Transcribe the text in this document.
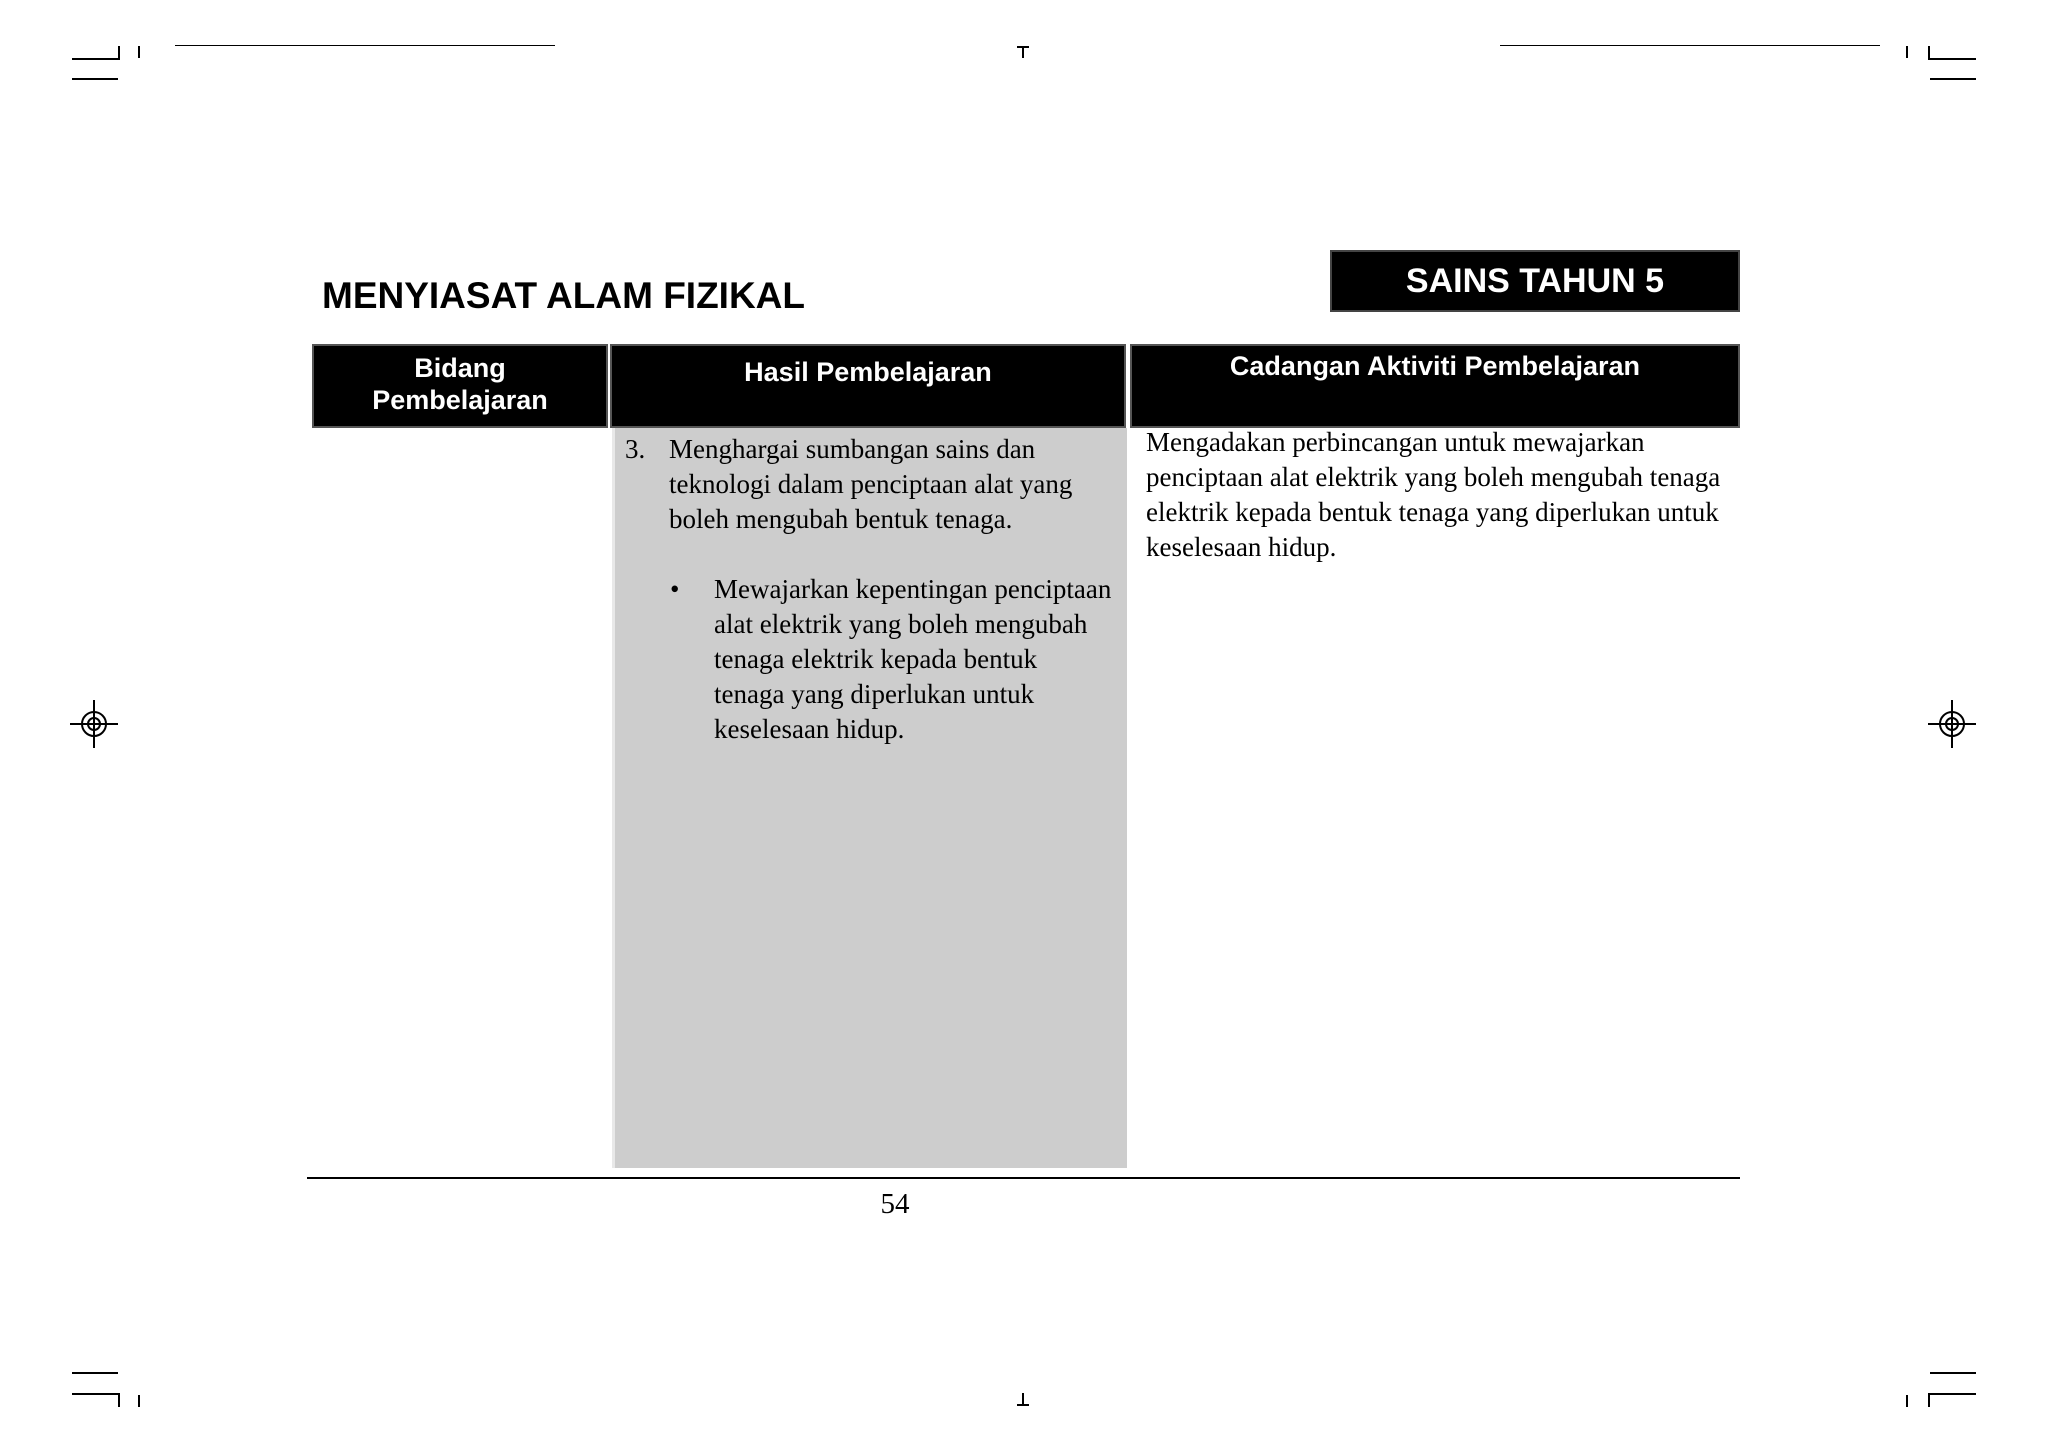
MENYIASAT ALAM FIZIKAL	SAINS TAHUN 5
Bidang
Pembelajaran
Hasil Pembelajaran	Cadangan Aktiviti Pembelajaran
3. Menghargai sumbangan sains dan teknologi dalam penciptaan alat yang boleh mengubah bentuk tenaga.
• Mewajarkan kepentingan penciptaan alat elektrik yang boleh mengubah tenaga elektrik kepada bentuk tenaga yang diperlukan untuk keselesaan hidup.
Mengadakan perbincangan untuk mewajarkan penciptaan alat elektrik yang boleh mengubah tenaga elektrik kepada bentuk tenaga yang diperlukan untuk keselesaan hidup.
54
